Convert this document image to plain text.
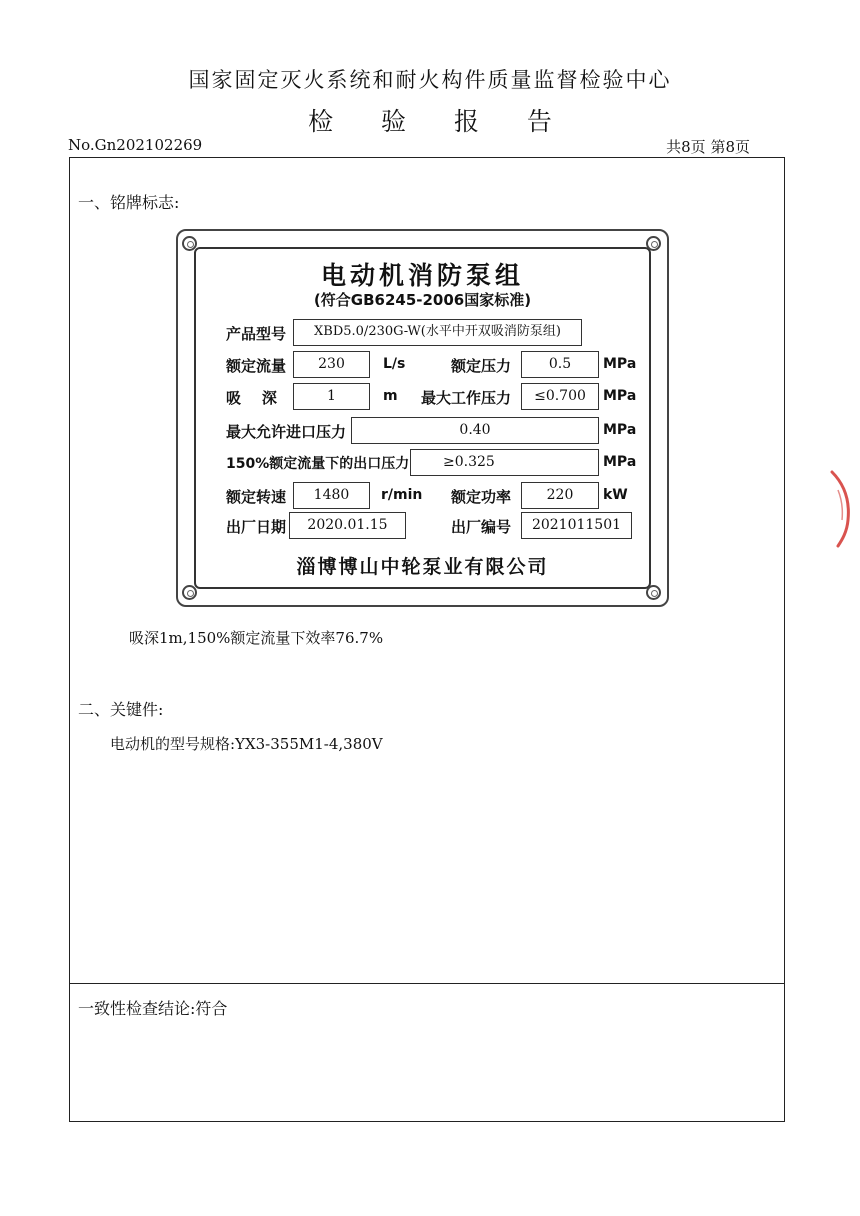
国家固定灭火系统和耐火构件质量监督检验中心
检 验 报 告
No.Gn202102269	共8页 第8页
一、铭牌标志:
电动机消防泵组
(符合GB6245-2006国家标准)
产品型号	XBD5.0/230G-W(水平中开双吸消防泵组)
额定流量	230	L/s	额定压力	0.5	MPa
吸    深	1	m 最大工作压力	≤0.700	MPa
最大允许进口压力	0.40	MPa
150%额定流量下的出口压力	≥0.325	MPa
额定转速	1480	r/min 额定功率	220	kW
出厂日期	2020.01.15	出厂编号	2021011501
淄博博山中轮泵业有限公司
吸深1m,150%额定流量下效率76.7%
二、关键件:
电动机的型号规格:YX3-355M1-4,380V
一致性检查结论:符合
